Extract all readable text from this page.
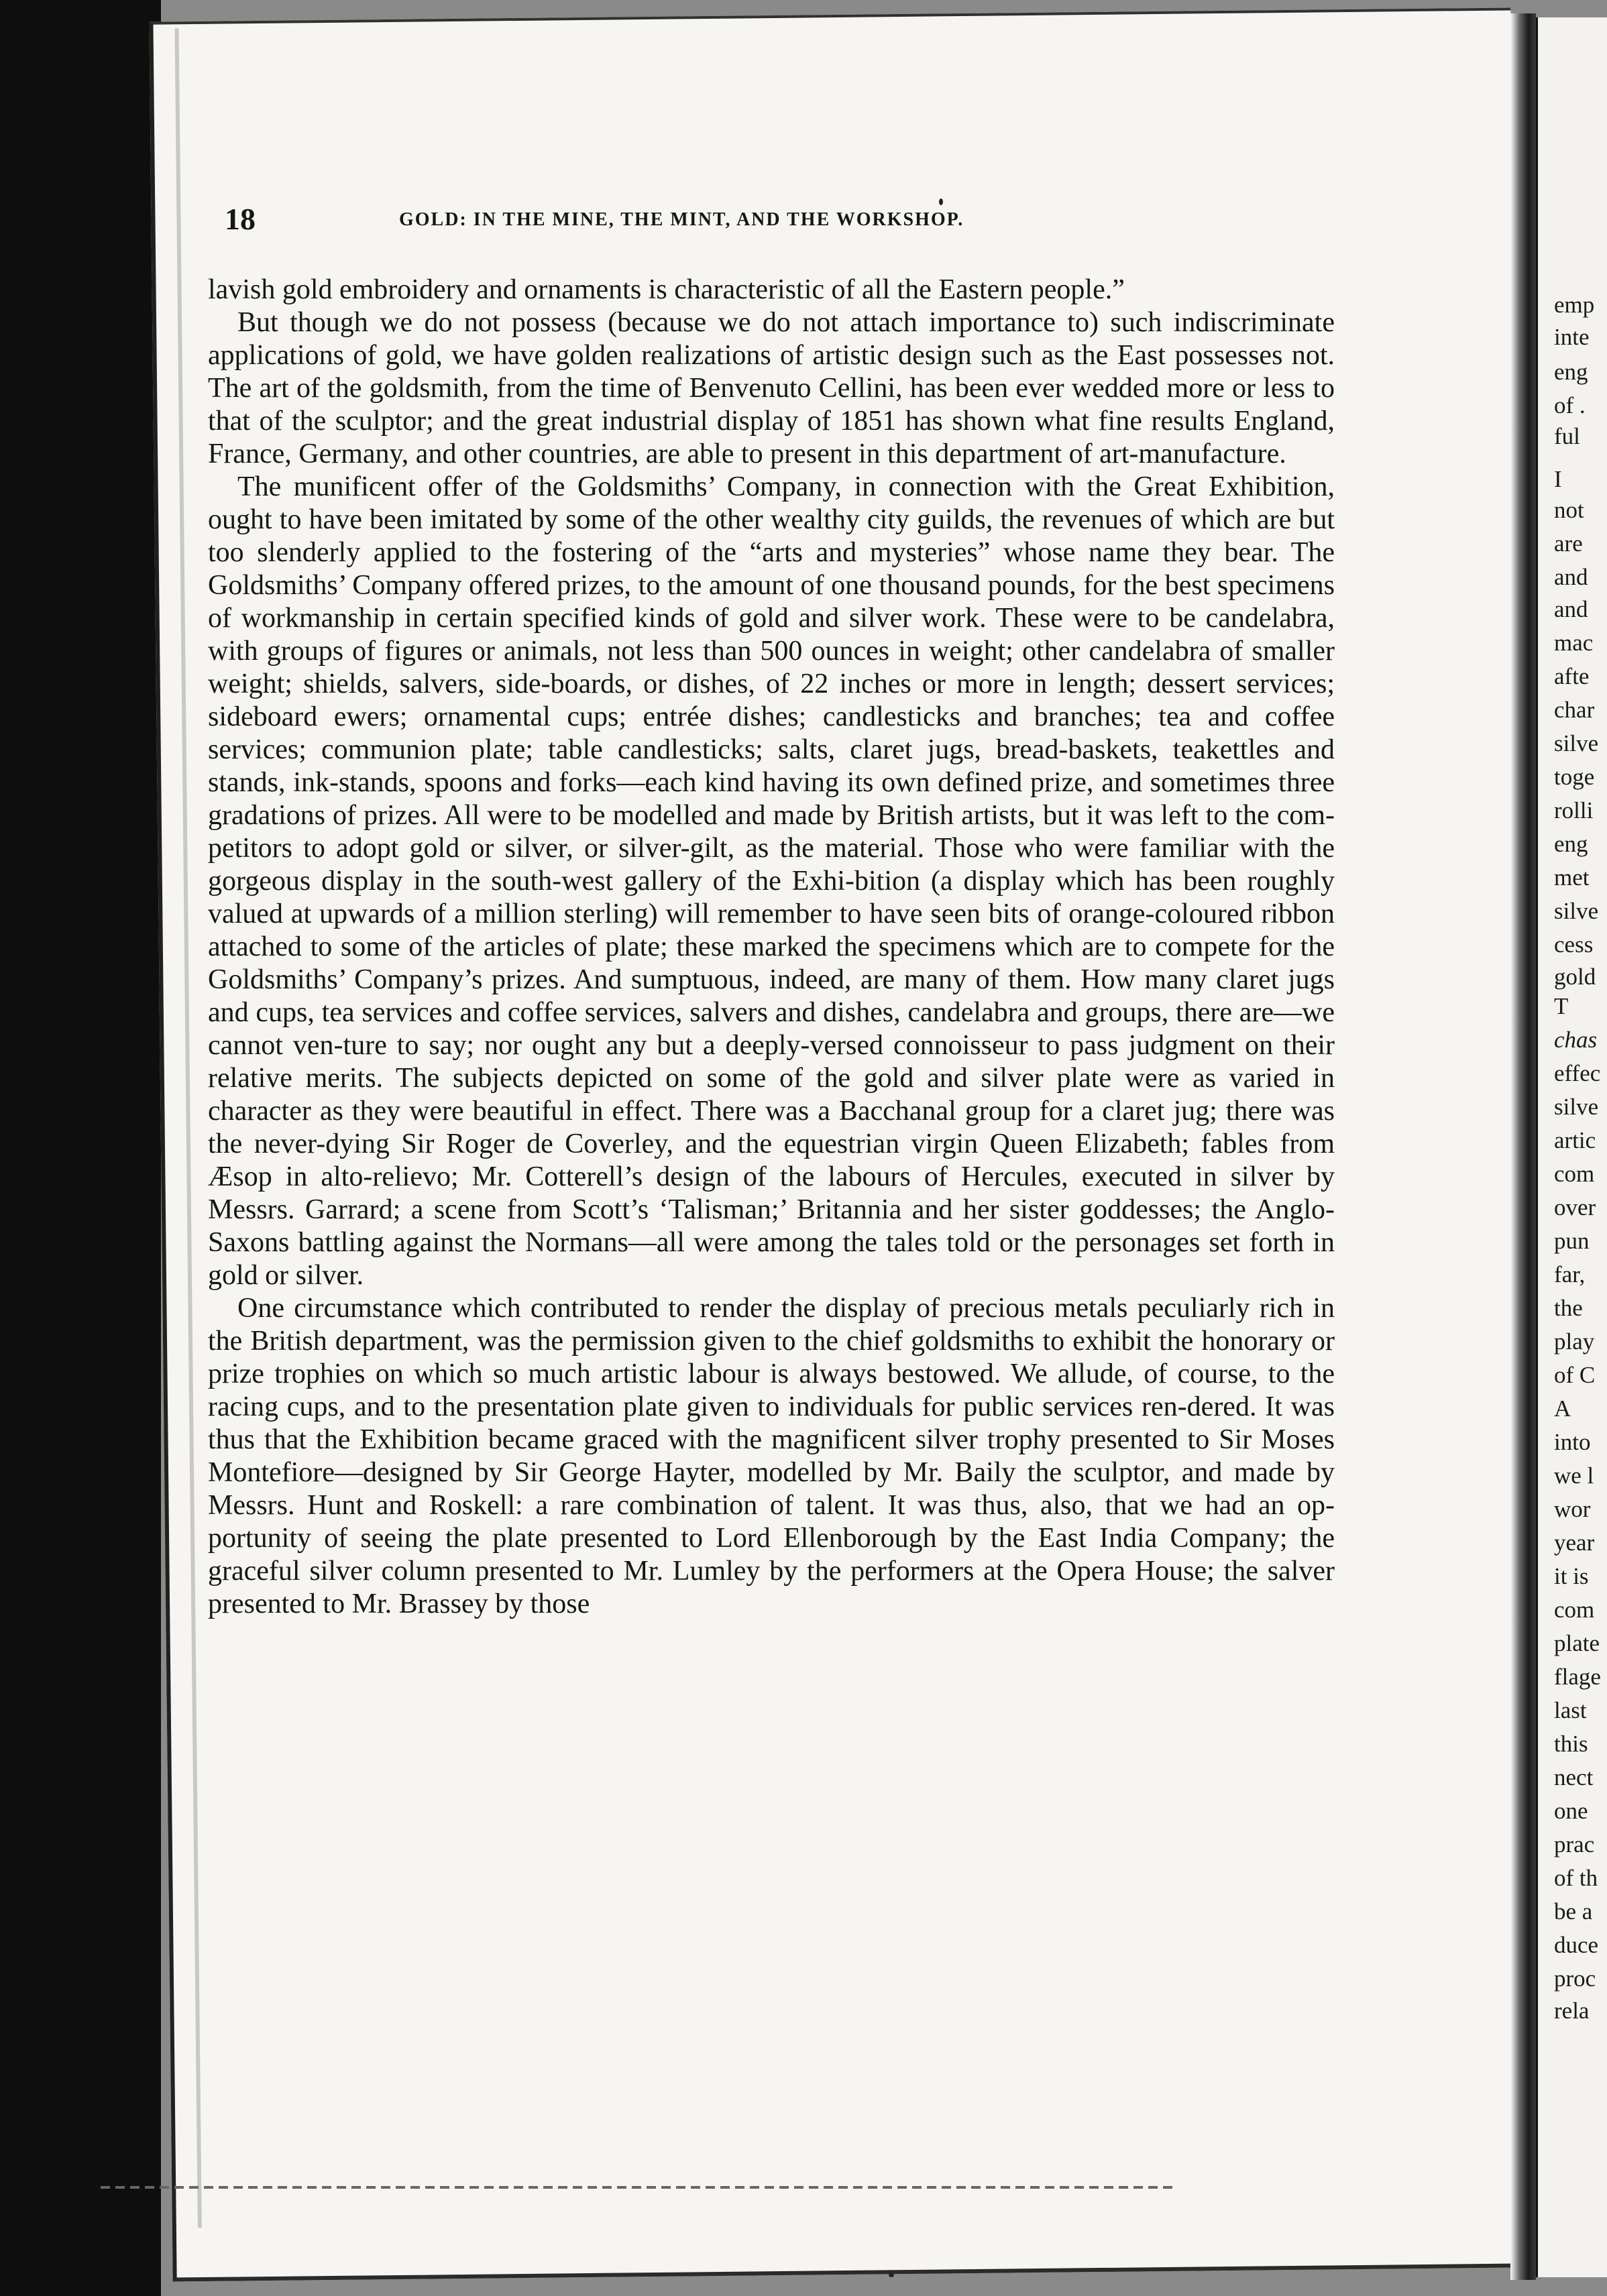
18	GOLD: IN THE MINE, THE MINT, AND THE WORKSHOP.

lavish gold embroidery and ornaments is characteristic of all the Eastern people.”

But though we do not possess (because we do not attach importance to) such indiscriminate applications of gold, we have golden realizations of artistic design such as the East possesses not. The art of the goldsmith, from the time of Benvenuto Cellini, has been ever wedded more or less to that of the sculptor; and the great industrial display of 1851 has shown what fine results England, France, Germany, and other countries, are able to present in this department of art-manufacture.

The munificent offer of the Goldsmiths’ Company, in connection with the Great Exhibition, ought to have been imitated by some of the other wealthy city guilds, the revenues of which are but too slenderly applied to the fostering of the “arts and mysteries” whose name they bear. The Goldsmiths’ Company offered prizes, to the amount of one thousand pounds, for the best specimens of workmanship in certain specified kinds of gold and silver work. These were to be candelabra, with groups of figures or animals, not less than 500 ounces in weight; other candelabra of smaller weight; shields, salvers, side-boards, or dishes, of 22 inches or more in length; dessert services; sideboard ewers; ornamental cups; entrée dishes; candlesticks and branches; tea and coffee services; communion plate; table candlesticks; salts, claret jugs, bread-baskets, teakettles and stands, ink-stands, spoons and forks—each kind having its own defined prize, and sometimes three gradations of prizes. All were to be modelled and made by British artists, but it was left to the com-petitors to adopt gold or silver, or silver-gilt, as the material. Those who were familiar with the gorgeous display in the south-west gallery of the Exhi-bition (a display which has been roughly valued at upwards of a million sterling) will remember to have seen bits of orange-coloured ribbon attached to some of the articles of plate; these marked the specimens which are to compete for the Goldsmiths’ Company’s prizes. And sumptuous, indeed, are many of them. How many claret jugs and cups, tea services and coffee services, salvers and dishes, candelabra and groups, there are—we cannot ven-ture to say; nor ought any but a deeply-versed connoisseur to pass judgment on their relative merits. The subjects depicted on some of the gold and silver plate were as varied in character as they were beautiful in effect. There was a Bacchanal group for a claret jug; there was the never-dying Sir Roger de Coverley, and the equestrian virgin Queen Elizabeth; fables from Æsop in alto-relievo; Mr. Cotterell’s design of the labours of Hercules, executed in silver by Messrs. Garrard; a scene from Scott’s ‘Talisman;’ Britannia and her sister goddesses; the Anglo-Saxons battling against the Normans—all were among the tales told or the personages set forth in gold or silver.

One circumstance which contributed to render the display of precious metals peculiarly rich in the British department, was the permission given to the chief goldsmiths to exhibit the honorary or prize trophies on which so much artistic labour is always bestowed. We allude, of course, to the racing cups, and to the presentation plate given to individuals for public services ren-dered. It was thus that the Exhibition became graced with the magnificent silver trophy presented to Sir Moses Montefiore—designed by Sir George Hayter, modelled by Mr. Baily the sculptor, and made by Messrs. Hunt and Roskell: a rare combination of talent. It was thus, also, that we had an op-portunity of seeing the plate presented to Lord Ellenborough by the East India Company; the graceful silver column presented to Mr. Lumley by the performers at the Opera House; the salver presented to Mr. Brassey by those

emp
inte
eng
of .
ful
I
not
are
and
and
mac
afte
char
silve
toge
rolli
eng
met
silve
cess
gold
T
chas
effec
silve
artic
com
over
pun
far,
the
play
of C
A
into
we l
wor
year
it is
com
plate
flage
last
this
nect
one
prac
of th
be a
duce
proc
rela
